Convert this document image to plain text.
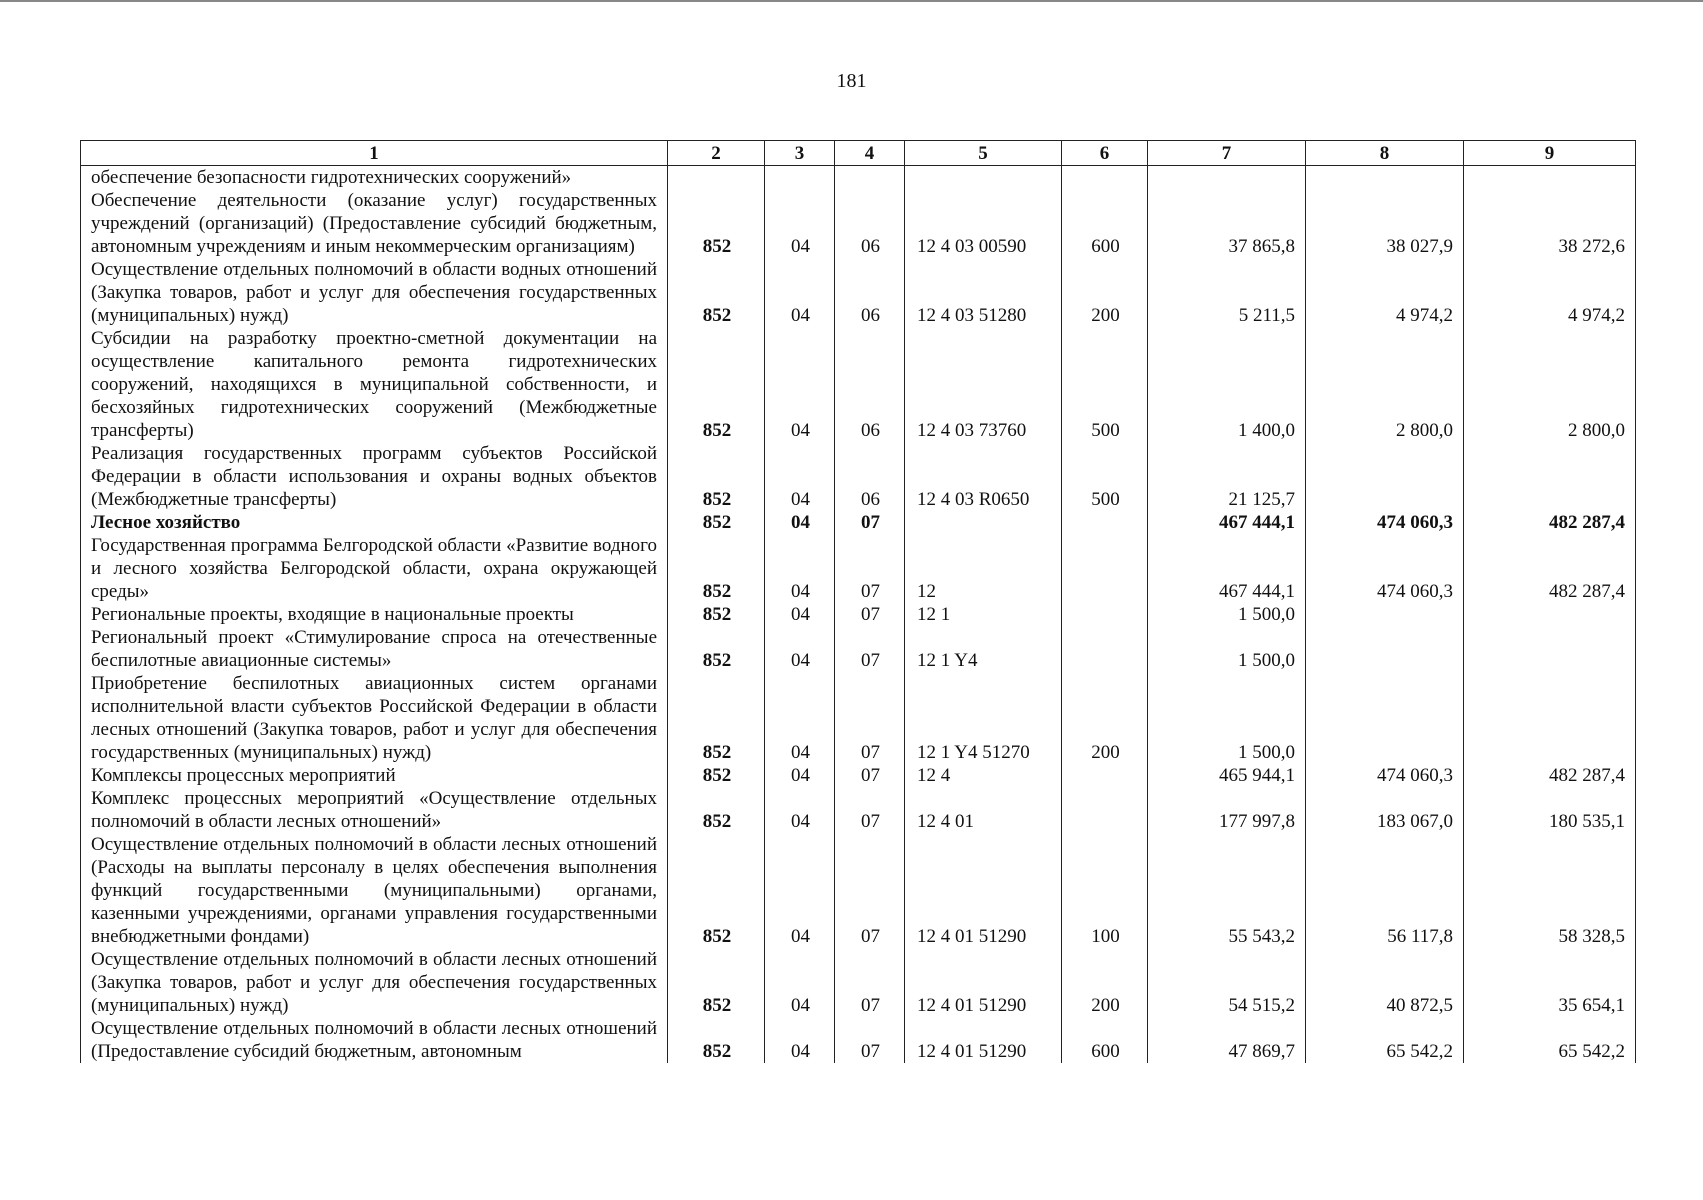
181
1	2	3	4	5	6	7	8	9
обеспечение безопасности гидротехнических сооружений»								
Обеспечение деятельности (оказание услуг) государственных учреждений (организаций) (Предоставление субсидий бюджетным, автономным учреждениям и иным некоммерческим организациям)	852	04	06	12 4 03 00590	600	37 865,8	38 027,9	38 272,6
Осуществление отдельных полномочий в области водных отношений (Закупка товаров, работ и услуг для обеспечения государственных (муниципальных) нужд)	852	04	06	12 4 03 51280	200	5 211,5	4 974,2	4 974,2
Субсидии на разработку проектно-сметной документации на осуществление капитального ремонта гидротехнических сооружений, находящихся в муниципальной собственности, и бесхозяйных гидротехнических сооружений (Межбюджетные трансферты)	852	04	06	12 4 03 73760	500	1 400,0	2 800,0	2 800,0
Реализация государственных программ субъектов Российской Федерации в области использования и охраны водных объектов (Межбюджетные трансферты)	852	04	06	12 4 03 R0650	500	21 125,7		
Лесное хозяйство	852	04	07			467 444,1	474 060,3	482 287,4
Государственная программа Белгородской области «Развитие водного и лесного хозяйства Белгородской области, охрана окружающей среды»	852	04	07	12		467 444,1	474 060,3	482 287,4
Региональные проекты, входящие в национальные проекты	852	04	07	12 1		1 500,0		
Региональный проект «Стимулирование спроса на отечественные беспилотные авиационные системы»	852	04	07	12 1 Y4		1 500,0		
Приобретение беспилотных авиационных систем органами исполнительной власти субъектов Российской Федерации в области лесных отношений (Закупка товаров, работ и услуг для обеспечения государственных (муниципальных) нужд)	852	04	07	12 1 Y4 51270	200	1 500,0		
Комплексы процессных мероприятий	852	04	07	12 4		465 944,1	474 060,3	482 287,4
Комплекс процессных мероприятий «Осуществление отдельных полномочий в области лесных отношений»	852	04	07	12 4 01		177 997,8	183 067,0	180 535,1
Осуществление отдельных полномочий в области лесных отношений (Расходы на выплаты персоналу в целях обеспечения выполнения функций государственными (муниципальными) органами, казенными учреждениями, органами управления государственными внебюджетными фондами)	852	04	07	12 4 01 51290	100	55 543,2	56 117,8	58 328,5
Осуществление отдельных полномочий в области лесных отношений (Закупка товаров, работ и услуг для обеспечения государственных (муниципальных) нужд)	852	04	07	12 4 01 51290	200	54 515,2	40 872,5	35 654,1
Осуществление отдельных полномочий в области лесных отношений (Предоставление субсидий бюджетным, автономным	852	04	07	12 4 01 51290	600	47 869,7	65 542,2	65 542,2
